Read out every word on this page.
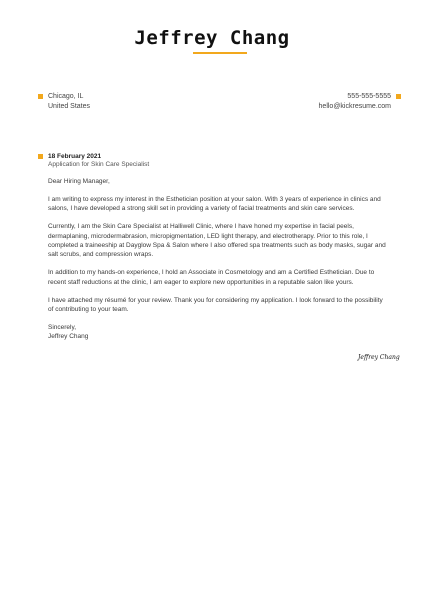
Jeffrey Chang
Chicago, IL
United States
555-555-5555
hello@kickresume.com
18 February 2021
Application for Skin Care Specialist

Dear Hiring Manager,

I am writing to express my interest in the Esthetician position at your salon. With 3 years of experience in clinics and salons, I have developed a strong skill set in providing a variety of facial treatments and skin care services.

Currently, I am the Skin Care Specialist at Halliwell Clinic, where I have honed my expertise in facial peels, dermaplaning, microdermabrasion, micropigmentation, LED light therapy, and electrotherapy. Prior to this role, I completed a traineeship at Dayglow Spa & Salon where I also offered spa treatments such as body masks, sugar and salt scrubs, and compression wraps.

In addition to my hands-on experience, I hold an Associate in Cosmetology and am a Certified Esthetician. Due to recent staff reductions at the clinic, I am eager to explore new opportunities in a reputable salon like yours.

I have attached my résumé for your review. Thank you for considering my application. I look forward to the possibility of contributing to your team.

Sincerely,

Jeffrey Chang

Jeffrey Chang
